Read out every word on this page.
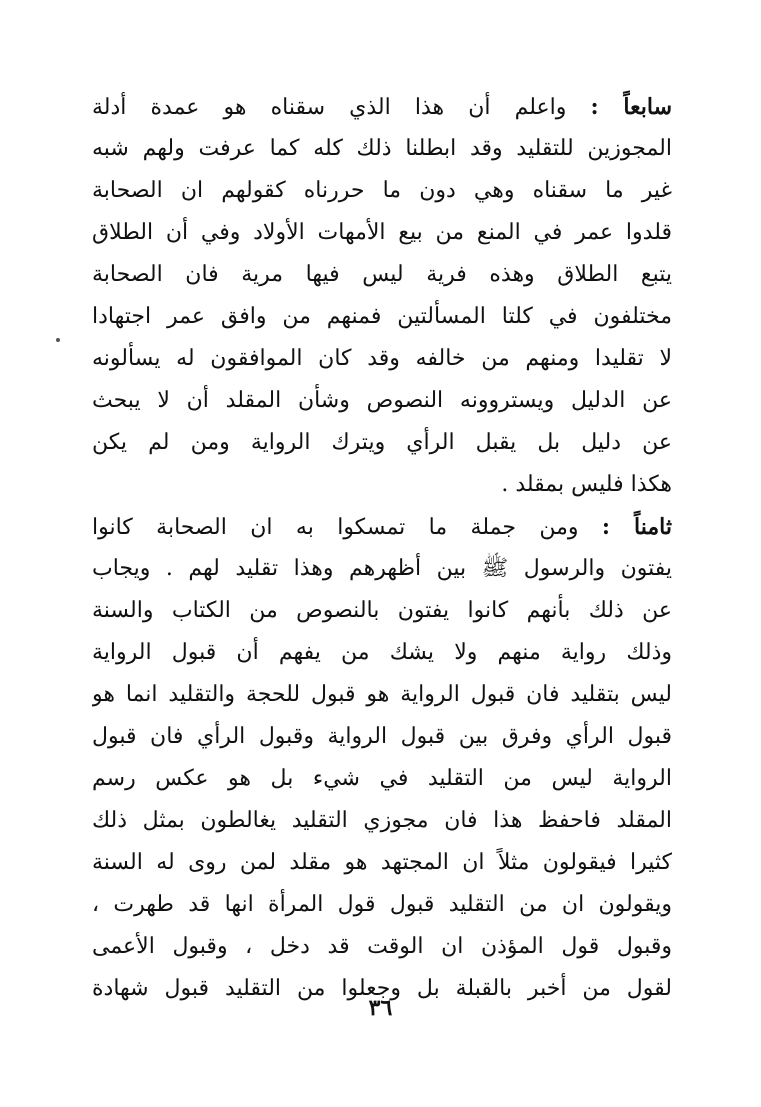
سابعاً : واعلم أن هذا الذي سقناه هو عمدة أدلة
المجوزين للتقليد وقد ابطلنا ذلك كله كما عرفت ولهم شبه
غير ما سقناه وهي دون ما حررناه كقولهم ان الصحابة
قلدوا عمر في المنع من بيع الأمهات الأولاد وفي أن الطلاق
يتبع الطلاق وهذه فرية ليس فيها مرية فان الصحابة
مختلفون في كلتا المسألتين فمنهم من وافق عمر اجتهادا
لا تقليدا ومنهم من خالفه وقد كان الموافقون له يسألونه
عن الدليل ويستروونه النصوص وشأن المقلد أن لا يبحث
عن دليل بل يقبل الرأي ويترك الرواية ومن لم يكن
هكذا فليس بمقلد .
ثامناً : ومن جملة ما تمسكوا به ان الصحابة كانوا
يفتون والرسول ﷺ بين أظهرهم وهذا تقليد لهم . ويجاب
عن ذلك بأنهم كانوا يفتون بالنصوص من الكتاب والسنة
وذلك رواية منهم ولا يشك من يفهم أن قبول الرواية
ليس بتقليد فان قبول الرواية هو قبول للحجة والتقليد انما هو
قبول الرأي وفرق بين قبول الرواية وقبول الرأي فان قبول
الرواية ليس من التقليد في شيء بل هو عكس رسم
المقلد فاحفظ هذا فان مجوزي التقليد يغالطون بمثل ذلك
كثيرا فيقولون مثلاً ان المجتهد هو مقلد لمن روى له السنة
ويقولون ان من التقليد قبول قول المرأة انها قد طهرت ،
وقبول قول المؤذن ان الوقت قد دخل ، وقبول الأعمى
لقول من أخبر بالقبلة بل وجعلوا من التقليد قبول شهادة
٣٦
